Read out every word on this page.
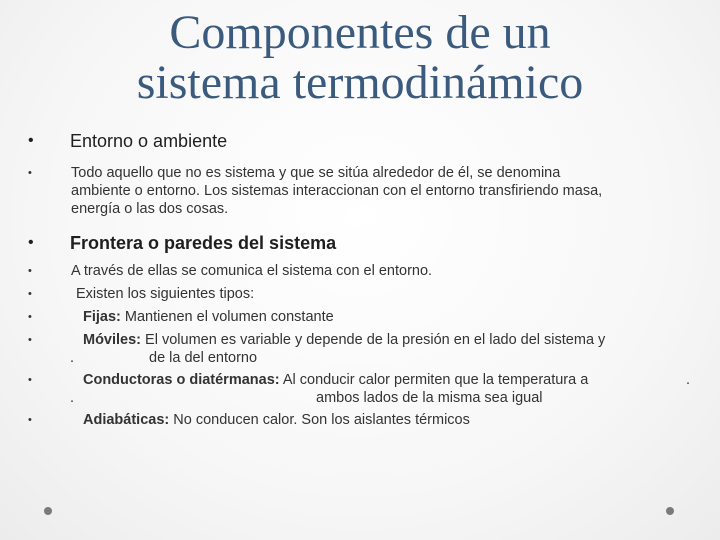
Componentes de un
sistema termodinámico
•	Entorno o ambiente
•	Todo aquello que no es sistema y que se sitúa alrededor de él, se denomina
ambiente o entorno. Los sistemas interaccionan con el entorno transfiriendo masa,
energía o las dos cosas.
•	Frontera o paredes del sistema
•	A través de ellas se comunica el sistema con el entorno.
•	Existen los siguientes tipos:
•	Fijas: Mantienen el volumen constante
•	Móviles: El volumen es variable y depende de la presión en el lado del sistema y
.	de la del entorno
•	Conductoras o diatérmanas: Al conducir calor permiten que la temperatura a	.
.	ambos lados de la misma sea igual
•	Adiabáticas: No conducen calor. Son los aislantes térmicos
